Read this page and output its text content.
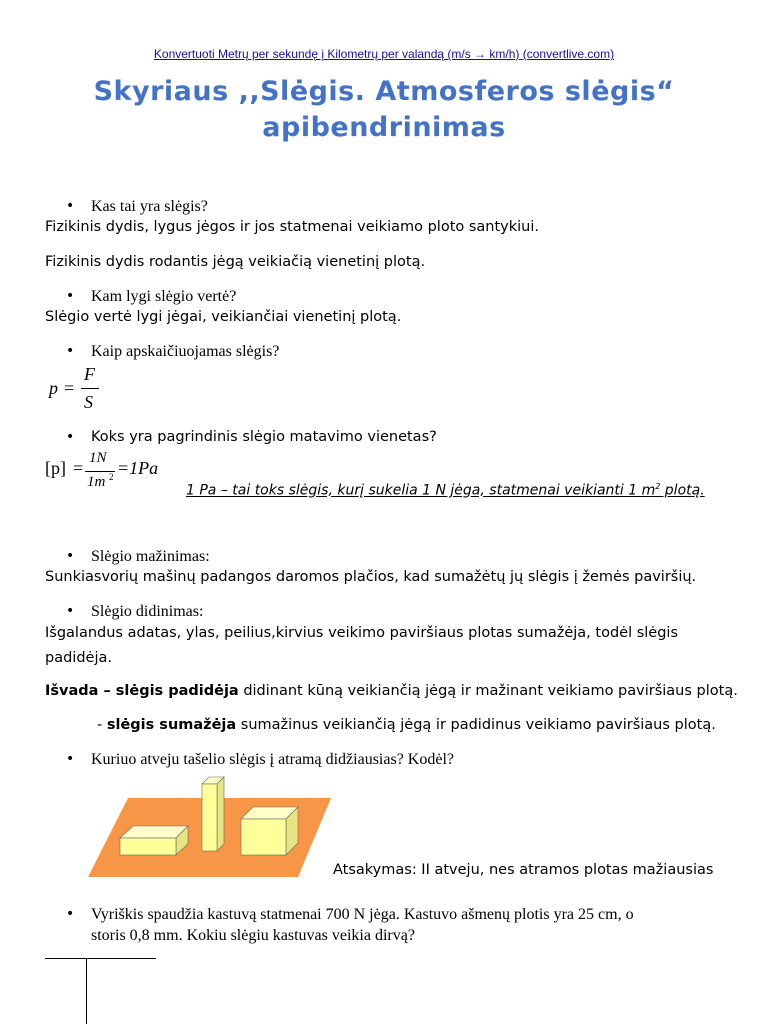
Konvertuoti Metrų per sekundę į Kilometrų per valandą (m/s → km/h) (convertlive.com)
Skyriaus ,,Slėgis. Atmosferos slėgis“
apibendrinimas
• Kas tai yra slėgis?
Fizikinis dydis, lygus jėgos ir jos statmenai veikiamo ploto santykiui.
Fizikinis dydis rodantis jėgą veikiačią vienetinį plotą.
• Kam lygi slėgio vertė?
Slėgio vertė lygi jėgai, veikiančiai vienetinį plotą.
• Kaip apskaičiuojamas slėgis?
p =
F
S
• Koks yra pagrindinis slėgio matavimo vienetas?
[p] = 1N
1m 2 =1Pa
1 Pa – tai toks slėgis, kurį sukelia 1 N jėga, statmenai veikianti 1 $m^2$ plotą.
• Slėgio mažinimas:
Sunkiasvorių mašinų padangos daromos plačios, kad sumažėtų jų slėgis į žemės paviršių.
• Slėgio didinimas:
Išgalandus adatas, ylas, peilius,kirvius veikimo paviršiaus plotas sumažėja, todėl slėgis
padidėja.
Išvada – slėgis padidėja didinant kūną veikiančią jėgą ir mažinant veikiamo paviršiaus plotą.
- slėgis sumažėja sumažinus veikiančią jėgą ir padidinus veikiamo paviršiaus plotą.
• Kuriuo atveju tašelio slėgis į atramą didžiausias? Kodėl?
Atsakymas: II atveju, nes atramos plotas mažiausias
• Vyriškis spaudžia kastuvą statmenai 700 N jėga. Kastuvo ašmenų plotis yra 25 cm, o
storis 0,8 mm. Kokiu slėgiu kastuvas veikia dirvą?
